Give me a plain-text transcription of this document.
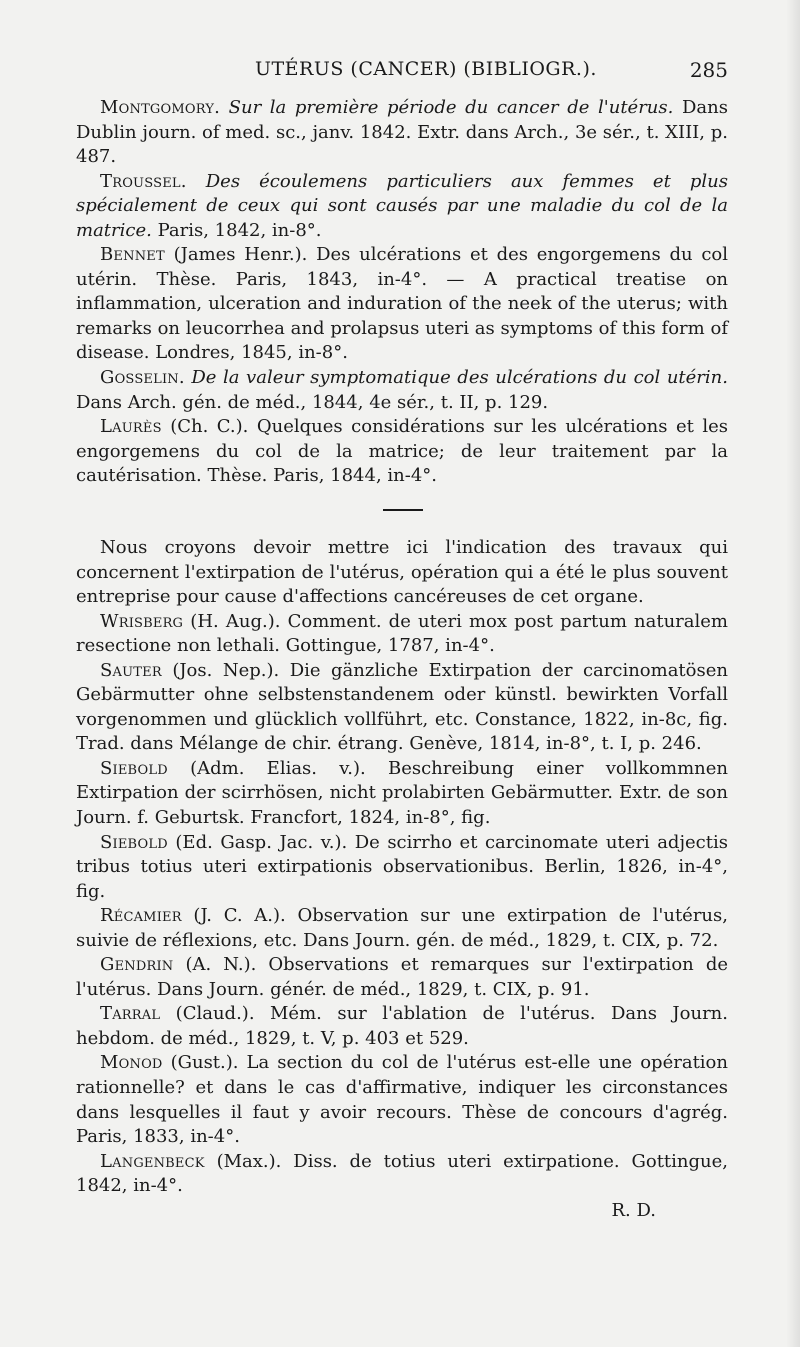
UTÉRUS (CANCER) (BIBLIOGR.).	285

Montgomory. Sur la première période du cancer de l'utérus. Dans Dublin journ. of med. sc., janv. 1842. Extr. dans Arch., 3e sér., t. XIII, p. 487.

Troussel. Des écoulemens particuliers aux femmes et plus spécialement de ceux qui sont causés par une maladie du col de la matrice. Paris, 1842, in-8°.

Bennet (James Henr.). Des ulcérations et des engorgemens du col utérin. Thèse. Paris, 1843, in-4°. — A practical treatise on inflammation, ulceration and induration of the neek of the uterus; with remarks on leucorrhea and prolapsus uteri as symptoms of this form of disease. Londres, 1845, in-8°.

Gosselin. De la valeur symptomatique des ulcérations du col utérin. Dans Arch. gén. de méd., 1844, 4e sér., t. II, p. 129.

Laurès (Ch. C.). Quelques considérations sur les ulcérations et les engorgemens du col de la matrice; de leur traitement par la cautérisation. Thèse. Paris, 1844, in-4°.

Nous croyons devoir mettre ici l'indication des travaux qui concernent l'extirpation de l'utérus, opération qui a été le plus souvent entreprise pour cause d'affections cancéreuses de cet organe.

Wrisberg (H. Aug.). Comment. de uteri mox post partum naturalem resectione non lethali. Gottingue, 1787, in-4°.

Sauter (Jos. Nep.). Die gänzliche Extirpation der carcinomatösen Gebärmutter ohne selbstenstandenem oder künstl. bewirkten Vorfall vorgenommen und glücklich vollführt, etc. Constance, 1822, in-8c, fig. Trad. dans Mélange de chir. étrang. Genève, 1814, in-8°, t. I, p. 246.

Siebold (Adm. Elias. v.). Beschreibung einer vollkommnen Extirpation der scirrhösen, nicht prolabirten Gebärmutter. Extr. de son Journ. f. Geburtsk. Francfort, 1824, in-8°, fig.

Siebold (Ed. Gasp. Jac. v.). De scirrho et carcinomate uteri adjectis tribus totius uteri extirpationis observationibus. Berlin, 1826, in-4°, fig.

Récamier (J. C. A.). Observation sur une extirpation de l'utérus, suivie de réflexions, etc. Dans Journ. gén. de méd., 1829, t. CIX, p. 72.

Gendrin (A. N.). Observations et remarques sur l'extirpation de l'utérus. Dans Journ. génér. de méd., 1829, t. CIX, p. 91.

Tarral (Claud.). Mém. sur l'ablation de l'utérus. Dans Journ. hebdom. de méd., 1829, t. V, p. 403 et 529.

Monod (Gust.). La section du col de l'utérus est-elle une opération rationnelle? et dans le cas d'affirmative, indiquer les circonstances dans lesquelles il faut y avoir recours. Thèse de concours d'agrég. Paris, 1833, in-4°.

Langenbeck (Max.). Diss. de totius uteri extirpatione. Gottingue, 1842, in-4°.

R. D.
